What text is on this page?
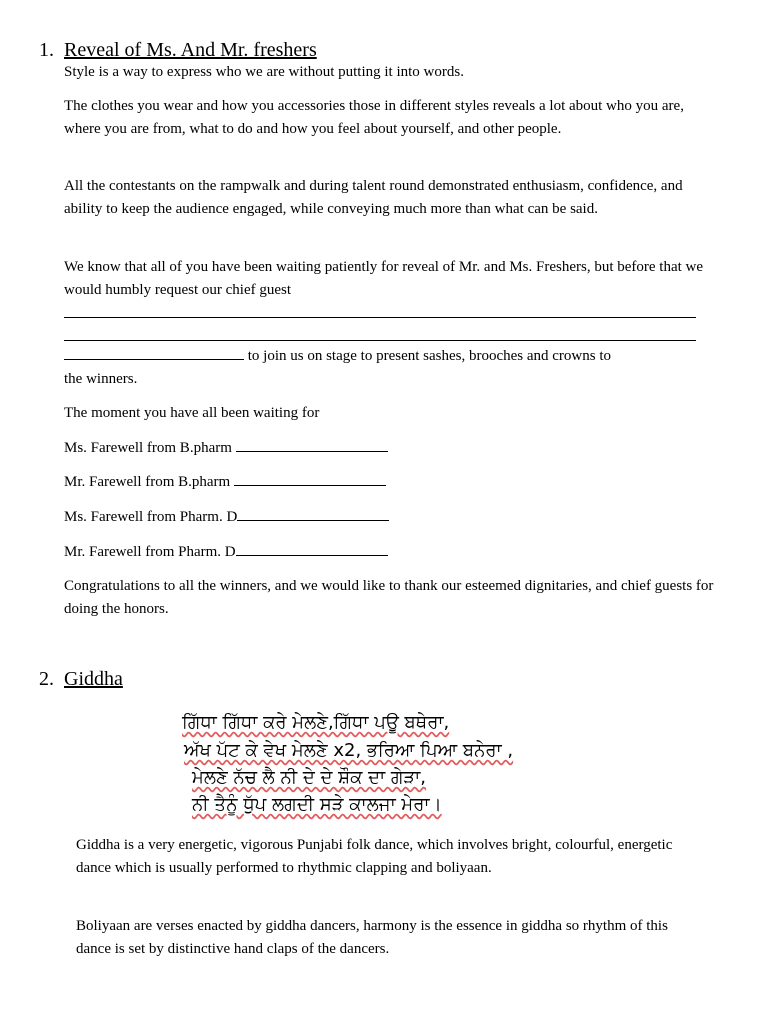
1. Reveal of Ms. And Mr. freshers

Style is a way to express who we are without putting it into words.

The clothes you wear and how you accessories those in different styles reveals a lot about who you are, where you are from, what to do and how you feel about yourself, and other people.

All the contestants on the rampwalk and during talent round demonstrated enthusiasm, confidence, and ability to keep the audience engaged, while conveying much more than what can be said.

We know that all of you have been waiting patiently for reveal of Mr. and Ms. Freshers, but before that we would humbly request our chief guest

to join us on stage to present sashes, brooches and crowns to
the winners.
The moment you have all been waiting for
Ms. Farewell from B.pharm
Mr. Farewell from B.pharm
Ms. Farewell from Pharm. D
Mr. Farewell from Pharm. D

Congratulations to all the winners, and we would like to thank our esteemed dignitaries, and chief guests for doing the honors.

2. Giddha
ਗਿੱਧਾ ਗਿੱਧਾ ਕਰੇ ਮੇਲਣੇ,ਗਿੱਧਾ ਪਊ ਬਥੇਰਾ,
ਅੱਖ ਪੱਟ ਕੇ ਵੇਖ ਮੇਲਣੇ x2, ਭਰਿਆ ਪਿਆ ਬਨੇਰਾ ,
ਮੇਲਣੇ ਨੱਚ ਲੈ ਨੀ ਦੇ ਦੇ ਸ਼ੌਕ ਦਾ ਗੇੜਾ,
ਨੀ ਤੈਨੂੰ ਧੁੱਪ ਲਗਦੀ ਸੜੇ ਕਾਲਜਾ ਮੇਰਾ।

Giddha is a very energetic, vigorous Punjabi folk dance, which involves bright, colourful, energetic dance which is usually performed to rhythmic clapping and boliyaan.

Boliyaan are verses enacted by giddha dancers, harmony is the essence in giddha so rhythm of this dance is set by distinctive hand claps of the dancers.
